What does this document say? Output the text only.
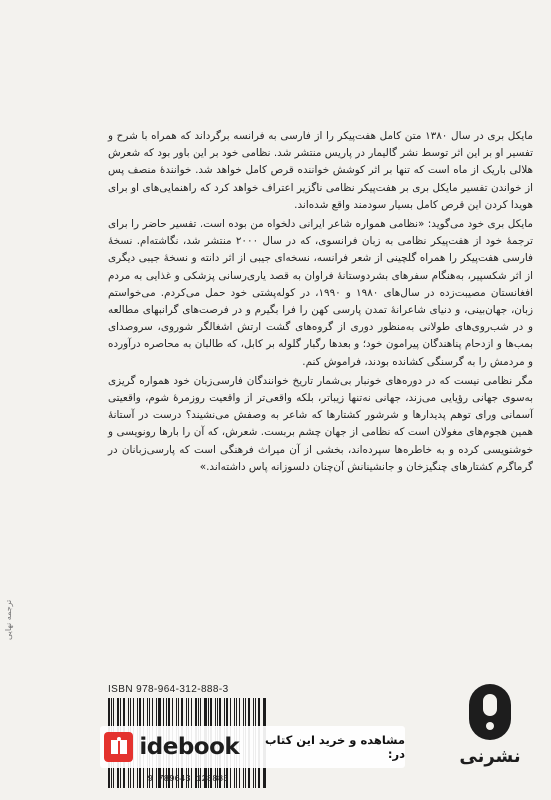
مایکل بری در سال ۱۳۸۰ متن کامل هفت‌پیکر را از فارسی به فرانسه برگرداند که همراه با شرح و تفسیر او بر این اثر توسط نشر گالیمار در پاریس منتشر شد. نظامی خود بر این باور بود که شعرش هلالی باریک از ماه است که تنها بر اثر کوشش خواننده قرص کامل خواهد شد. خوانندهٔ منصف پس از خواندن تفسیر مایکل بری بر هفت‌پیکر نظامی ناگزیر اعتراف خواهد کرد که راهنمایی‌های او برای هویدا کردن این قرص کامل بسیار سودمند واقع شده‌اند.

مایکل بری خود می‌گوید: «نظامی همواره شاعر ایرانی دلخواه من بوده است. تفسیر حاضر را برای ترجمهٔ خود از هفت‌پیکر نظامی به زبان فرانسوی، که در سال ۲۰۰۰ منتشر شد، نگاشته‌ام. نسخهٔ فارسی هفت‌پیکر را همراه گلچینی از شعر فرانسه، نسخه‌ای جیبی از اثر دانته و نسخهٔ جیبی دیگری از اثر شکسپیر، به‌هنگام سفرهای بشردوستانهٔ فراوان به قصد یاری‌رسانی پزشکی و غذایی به مردم افغانستان مصیبت‌زده در سال‌های ۱۹۸۰ و ۱۹۹۰، در کوله‌پشتی خود حمل می‌کردم. می‌خواستم زبان، جهان‌بینی، و دنیای شاعرانهٔ تمدن پارسی کهن را فرا بگیرم و در فرصت‌های گرانبهای مطالعه و در شب‌روی‌های طولانی به‌منظور دوری از گروه‌های گشت ارتش اشغالگر شوروی، سروصدای بمب‌ها و ازدحام پناهندگان پیرامون خود؛ و بعدها رگبار گلوله بر کابل، که طالبان به محاصره درآورده و مردمش را به گرسنگی کشانده بودند، فراموش کنم.

مگر نظامی نیست که در دوره‌های خونبار بی‌شمار تاریخ خوانندگان فارسی‌زبان خود همواره گریزی به‌سوی جهانی رؤیایی می‌زند، جهانی نه‌تنها زیباتر، بلکه واقعی‌تر از واقعیت روزمرهٔ شوم، واقعیتی آسمانی ورای توهم پدیدارها و شرشور کشتارها که شاعر به وصفش می‌نشیند؟ درست در آستانهٔ همین هجوم‌های مغولان است که نظامی از جهان چشم بربست. شعرش، که آن را بارها رونویسی و خوشنویسی کرده و به خاطره‌ها سپرده‌اند، بخشی از آن میراث فرهنگی است که پارسی‌زبانان در گرماگرم کشتارهای چنگیزخان و جانشینانش آن‌چنان دلسوزانه پاس داشته‌اند.»

ترجمه نهایی
ISBN 978-964-312-888-3
9 789643 128883
idebook	مشاهده و خرید این کتاب در:	نشرنی
